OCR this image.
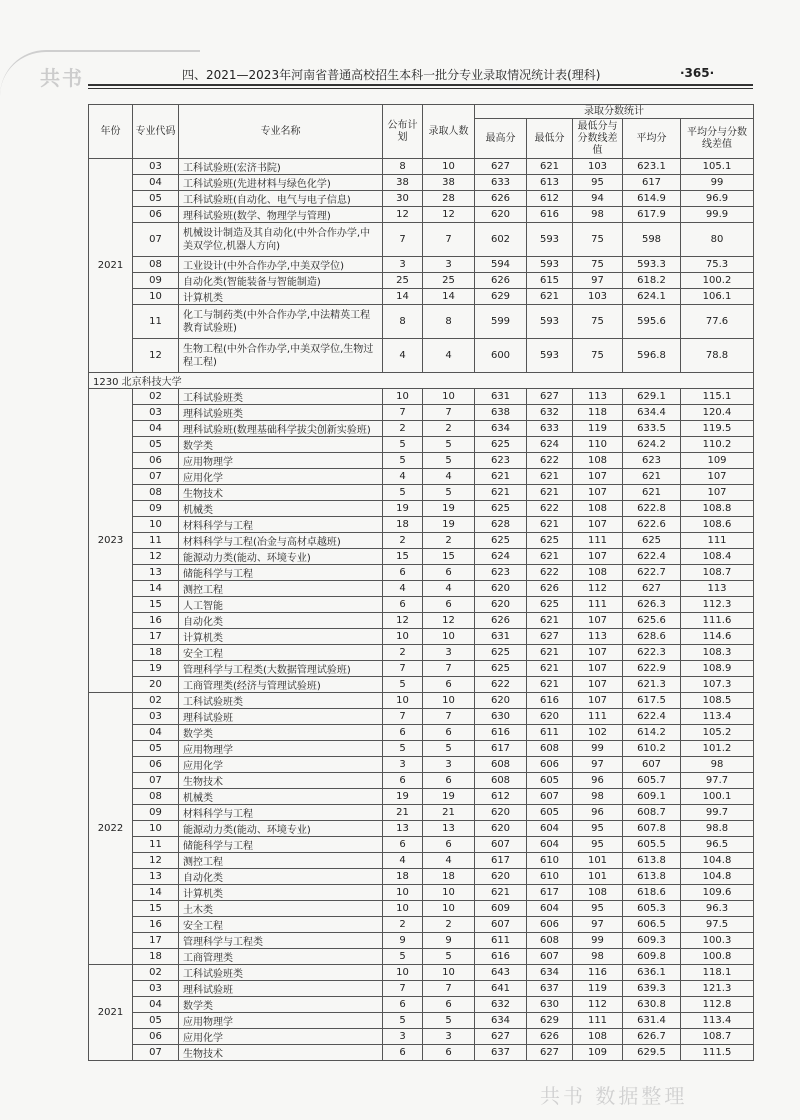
共书	四、2021—2023年河南省普通高校招生本科一批分专业录取情况统计表(理科)	·365·
年份	专业代码	专业名称	公布计划	录取人数	录取分数统计				
					最高分	最低分	最低分与分数线差值	平均分	平均分与分数线差值
2021	03	工科试验班(宏济书院)	8	10	627	621	103	623.1	105.1
	04	工科试验班(先进材料与绿色化学)	38	38	633	613	95	617	99
	05	工科试验班(自动化、电气与电子信息)	30	28	626	612	94	614.9	96.9
	06	理科试验班(数学、物理学与管理)	12	12	620	616	98	617.9	99.9
	07	机械设计制造及其自动化(中外合作办学,中美双学位,机器人方向)	7	7	602	593	75	598	80
	08	工业设计(中外合作办学,中美双学位)	3	3	594	593	75	593.3	75.3
	09	自动化类(智能装备与智能制造)	25	25	626	615	97	618.2	100.2
	10	计算机类	14	14	629	621	103	624.1	106.1
	11	化工与制药类(中外合作办学,中法精英工程教育试验班)	8	8	599	593	75	595.6	77.6
	12	生物工程(中外合作办学,中美双学位,生物过程工程)	4	4	600	593	75	596.8	78.8
1230 北京科技大学									
2023	02	工科试验班类	10	10	631	627	113	629.1	115.1
	03	理科试验班类	7	7	638	632	118	634.4	120.4
	04	理科试验班(数理基础科学拔尖创新实验班)	2	2	634	633	119	633.5	119.5
	05	数学类	5	5	625	624	110	624.2	110.2
	06	应用物理学	5	5	623	622	108	623	109
	07	应用化学	4	4	621	621	107	621	107
	08	生物技术	5	5	621	621	107	621	107
	09	机械类	19	19	625	622	108	622.8	108.8
	10	材料科学与工程	18	19	628	621	107	622.6	108.6
	11	材料科学与工程(冶金与高材卓越班)	2	2	625	625	111	625	111
	12	能源动力类(能动、环境专业)	15	15	624	621	107	622.4	108.4
	13	储能科学与工程	6	6	623	622	108	622.7	108.7
	14	测控工程	4	4	620	626	112	627	113
	15	人工智能	6	6	620	625	111	626.3	112.3
	16	自动化类	12	12	626	621	107	625.6	111.6
	17	计算机类	10	10	631	627	113	628.6	114.6
	18	安全工程	2	3	625	621	107	622.3	108.3
	19	管理科学与工程类(大数据管理试验班)	7	7	625	621	107	622.9	108.9
	20	工商管理类(经济与管理试验班)	5	6	622	621	107	621.3	107.3
2022	02	工科试验班类	10	10	620	616	107	617.5	108.5
	03	理科试验班	7	7	630	620	111	622.4	113.4
	04	数学类	6	6	616	611	102	614.2	105.2
	05	应用物理学	5	5	617	608	99	610.2	101.2
	06	应用化学	3	3	608	606	97	607	98
	07	生物技术	6	6	608	605	96	605.7	97.7
	08	机械类	19	19	612	607	98	609.1	100.1
	09	材料科学与工程	21	21	620	605	96	608.7	99.7
	10	能源动力类(能动、环境专业)	13	13	620	604	95	607.8	98.8
	11	储能科学与工程	6	6	607	604	95	605.5	96.5
	12	测控工程	4	4	617	610	101	613.8	104.8
	13	自动化类	18	18	620	610	101	613.8	104.8
	14	计算机类	10	10	621	617	108	618.6	109.6
	15	土木类	10	10	609	604	95	605.3	96.3
	16	安全工程	2	2	607	606	97	606.5	97.5
	17	管理科学与工程类	9	9	611	608	99	609.3	100.3
	18	工商管理类	5	5	616	607	98	609.8	100.8
2021	02	工科试验班类	10	10	643	634	116	636.1	118.1
	03	理科试验班	7	7	641	637	119	639.3	121.3
	04	数学类	6	6	632	630	112	630.8	112.8
	05	应用物理学	5	5	634	629	111	631.4	113.4
	06	应用化学	3	3	627	626	108	626.7	108.7
	07	生物技术	6	6	637	627	109	629.5	111.5
共书 数据整理
